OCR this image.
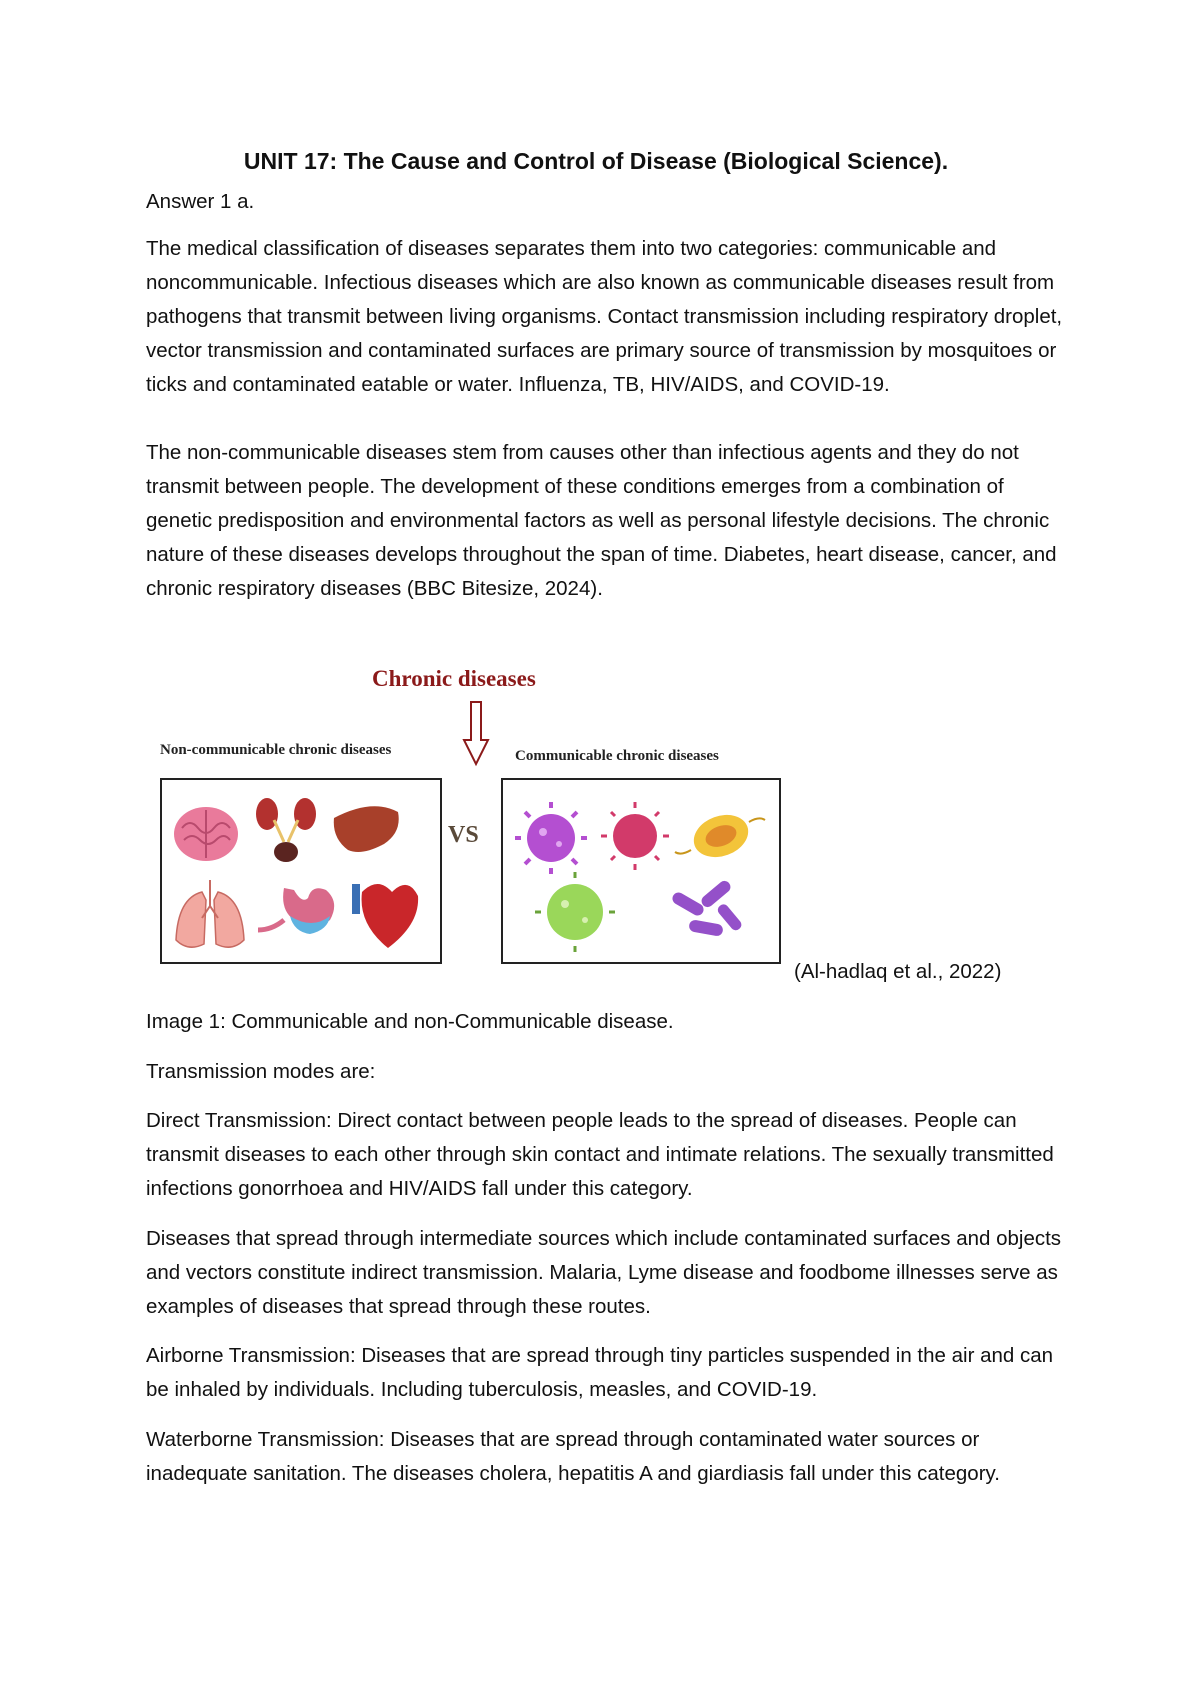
UNIT 17: The Cause and Control of Disease (Biological Science).

Answer 1 a.

The medical classification of diseases separates them into two categories: communicable and noncommunicable. Infectious diseases which are also known as communicable diseases result from pathogens that transmit between living organisms. Contact transmission including respiratory droplet, vector transmission and contaminated surfaces are primary source of transmission by mosquitoes or ticks and contaminated eatable or water. Influenza, TB, HIV/AIDS, and COVID-19.

The non-communicable diseases stem from causes other than infectious agents and they do not transmit between people. The development of these conditions emerges from a combination of genetic predisposition and environmental factors as well as personal lifestyle decisions. The chronic nature of these diseases develops throughout the span of time. Diabetes, heart disease, cancer, and chronic respiratory diseases (BBC Bitesize, 2024).

Chronic diseases
Non-communicable chronic diseases	Communicable chronic diseases
VS

(Al-hadlaq et al., 2022)

Image 1: Communicable and non-Communicable disease.

Transmission modes are:

Direct Transmission: Direct contact between people leads to the spread of diseases. People can transmit diseases to each other through skin contact and intimate relations. The sexually transmitted infections gonorrhoea and HIV/AIDS fall under this category.

Diseases that spread through intermediate sources which include contaminated surfaces and objects and vectors constitute indirect transmission. Malaria, Lyme disease and foodbome illnesses serve as examples of diseases that spread through these routes.

Airborne Transmission: Diseases that are spread through tiny particles suspended in the air and can be inhaled by individuals. Including tuberculosis, measles, and COVID-19.

Waterborne Transmission: Diseases that are spread through contaminated water sources or inadequate sanitation. The diseases cholera, hepatitis A and giardiasis fall under this category.
